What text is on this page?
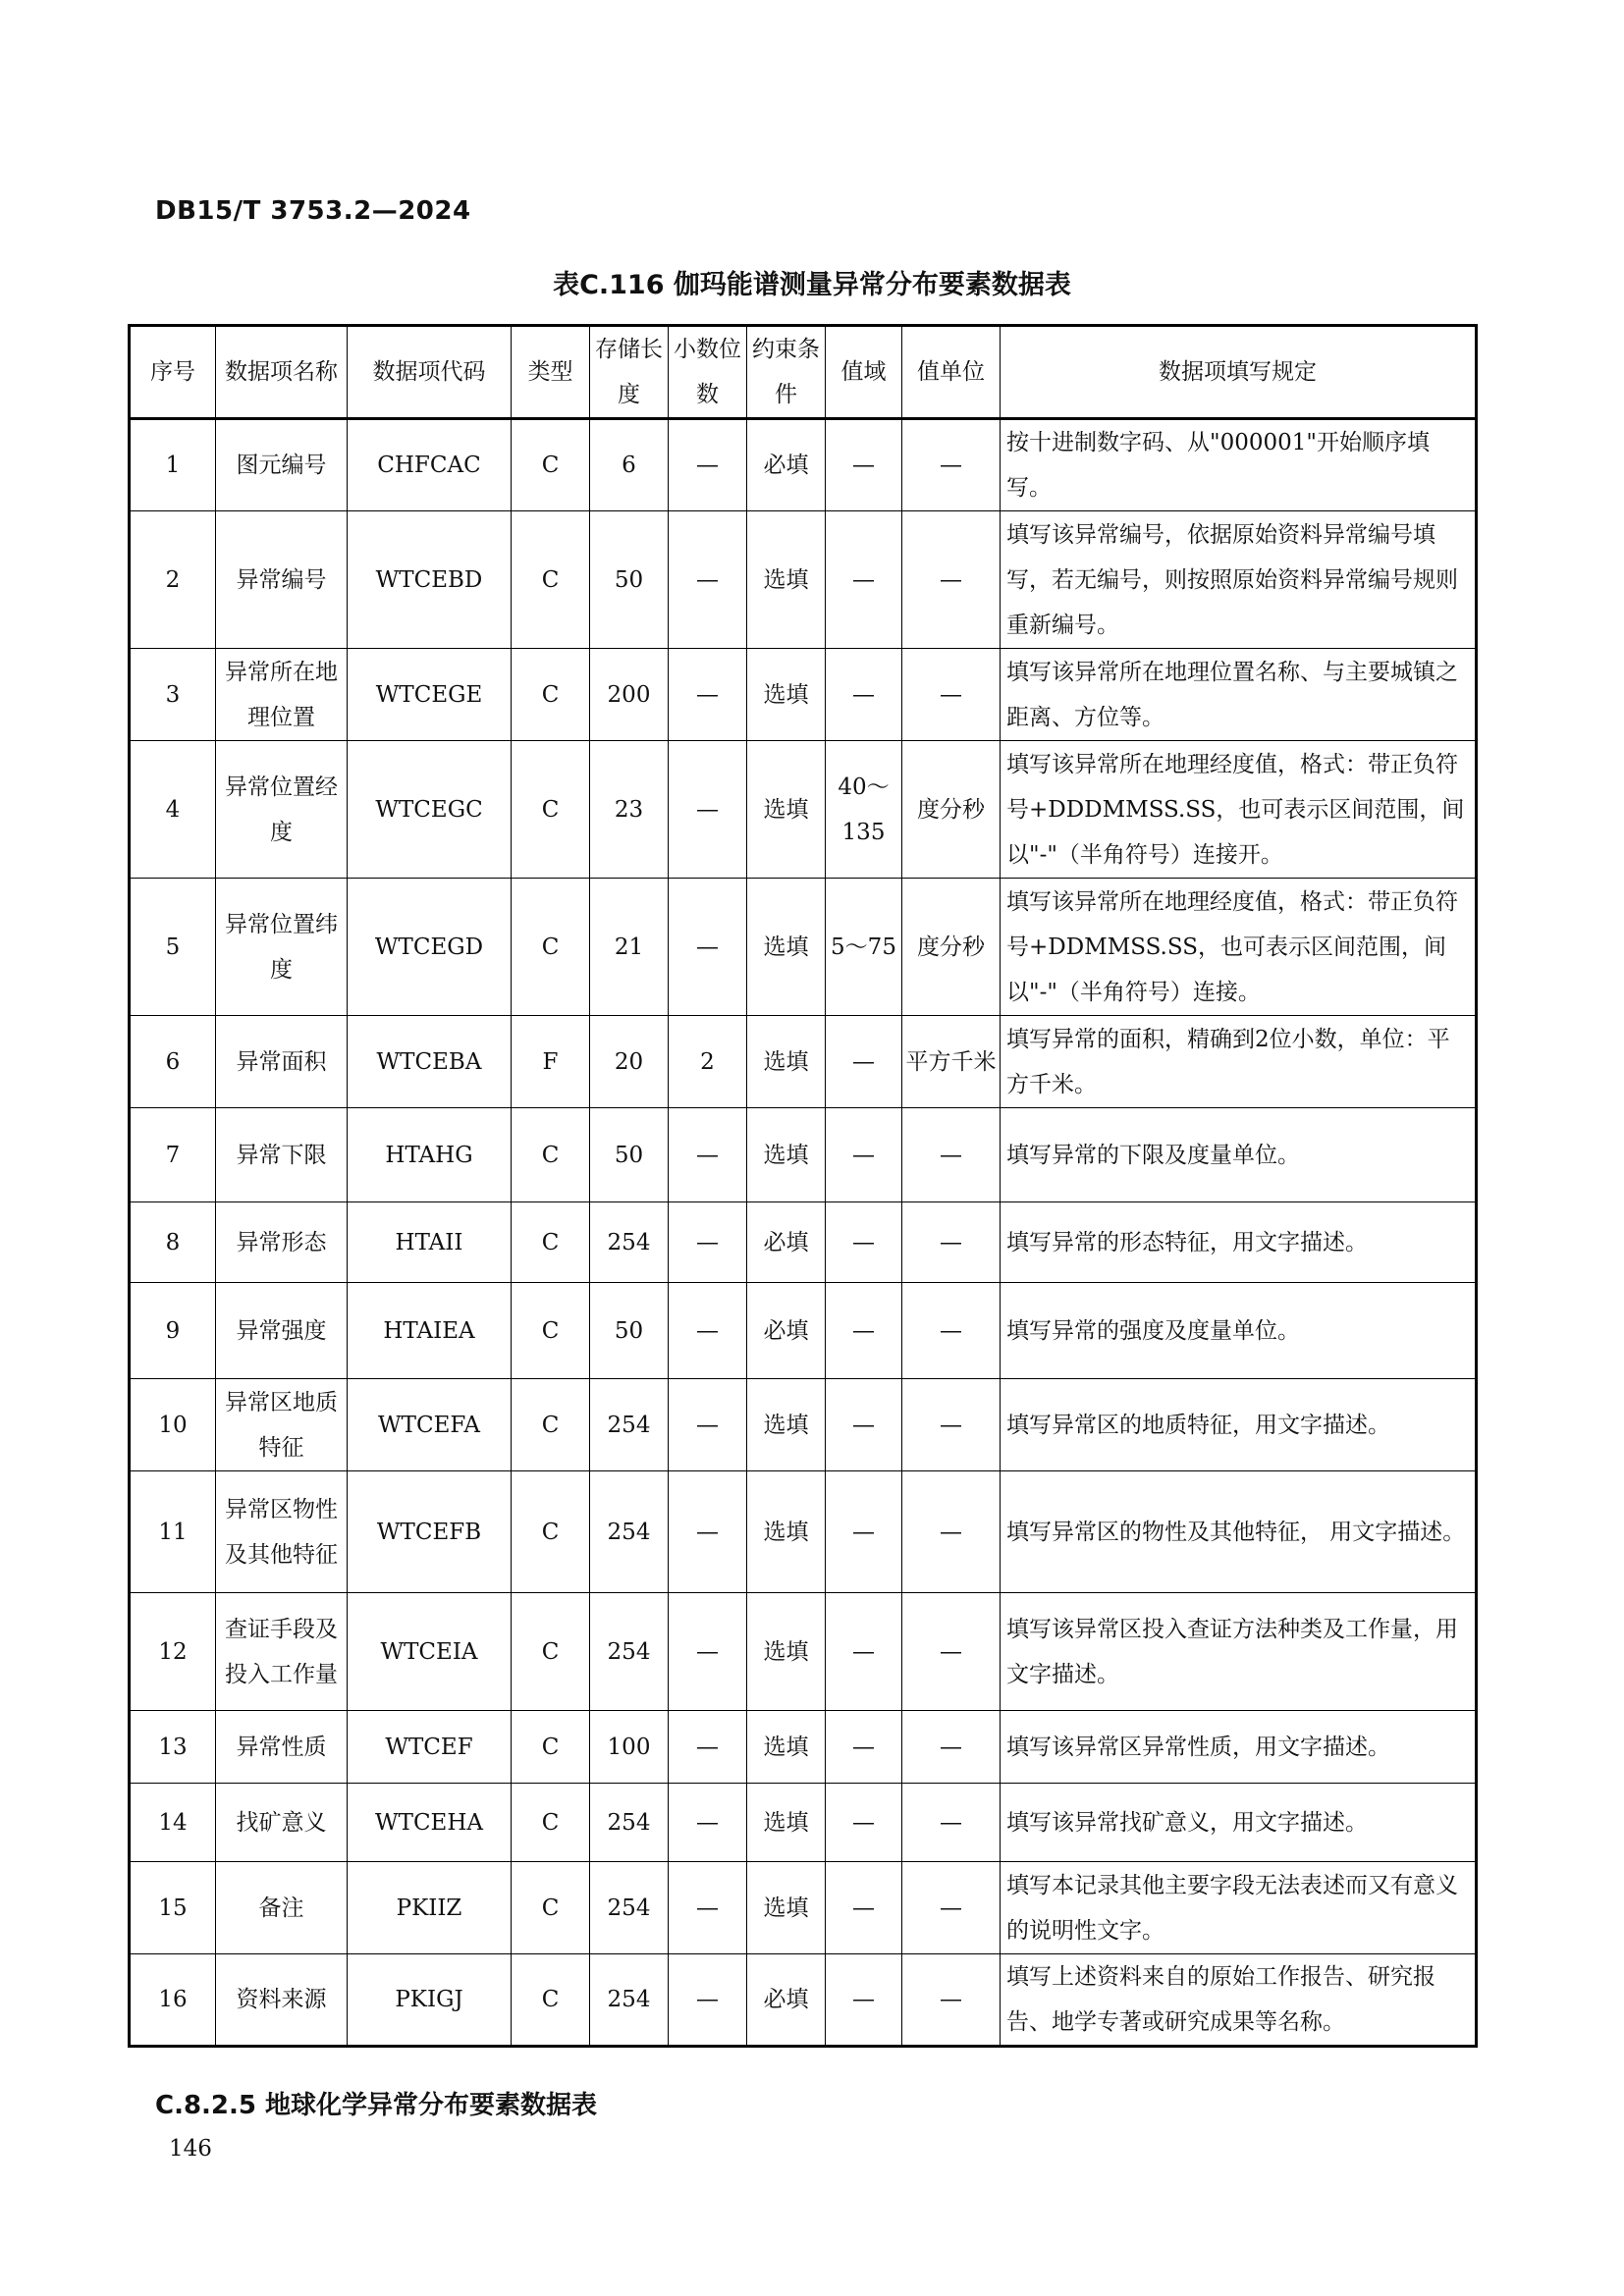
DB15/T 3753.2—2024
表C.116 伽玛能谱测量异常分布要素数据表
序号	数据项名称	数据项代码	类型	存储长度	小数位数	约束条件	值域	值单位	数据项填写规定
1	图元编号	CHFCAC	C	6	—	必填	—	—	按十进制数字码、从"000001"开始顺序填写。
2	异常编号	WTCEBD	C	50	—	选填	—	—	填写该异常编号，依据原始资料异常编号填写，若无编号，则按照原始资料异常编号规则重新编号。
3	异常所在地理位置	WTCEGE	C	200	—	选填	—	—	填写该异常所在地理位置名称、与主要城镇之距离、方位等。
4	异常位置经度	WTCEGC	C	23	—	选填	40～135	度分秒	填写该异常所在地理经度值，格式：带正负符号+DDDMMSS.SS，也可表示区间范围，间以"-"（半角符号）连接开。
5	异常位置纬度	WTCEGD	C	21	—	选填	5～75	度分秒	填写该异常所在地理经度值，格式：带正负符号+DDMMSS.SS，也可表示区间范围，间以"-"（半角符号）连接。
6	异常面积	WTCEBA	F	20	2	选填	—	平方千米	填写异常的面积，精确到2位小数，单位：平方千米。
7	异常下限	HTAHG	C	50	—	选填	—	—	填写异常的下限及度量单位。
8	异常形态	HTAII	C	254	—	必填	—	—	填写异常的形态特征，用文字描述。
9	异常强度	HTAIEA	C	50	—	必填	—	—	填写异常的强度及度量单位。
10	异常区地质特征	WTCEFA	C	254	—	选填	—	—	填写异常区的地质特征，用文字描述。
11	异常区物性及其他特征	WTCEFB	C	254	—	选填	—	—	填写异常区的物性及其他特征， 用文字描述。
12	查证手段及投入工作量	WTCEIA	C	254	—	选填	—	—	填写该异常区投入查证方法种类及工作量，用文字描述。
13	异常性质	WTCEF	C	100	—	选填	—	—	填写该异常区异常性质，用文字描述。
14	找矿意义	WTCEHA	C	254	—	选填	—	—	填写该异常找矿意义，用文字描述。
15	备注	PKIIZ	C	254	—	选填	—	—	填写本记录其他主要字段无法表述而又有意义的说明性文字。
16	资料来源	PKIGJ	C	254	—	必填	—	—	填写上述资料来自的原始工作报告、研究报告、地学专著或研究成果等名称。
C.8.2.5 地球化学异常分布要素数据表
146
